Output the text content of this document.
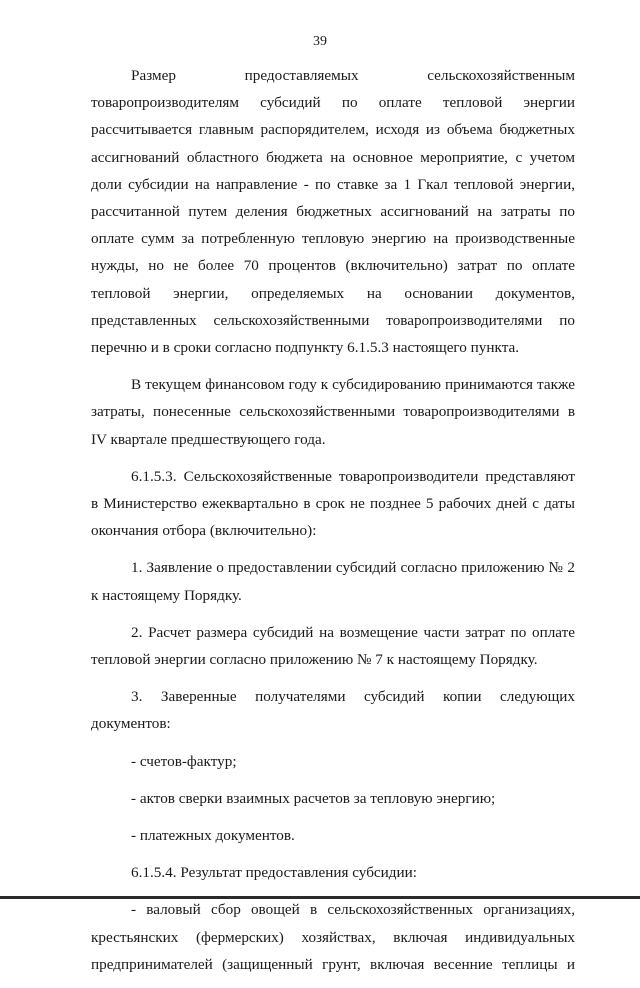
39

Размер предоставляемых сельскохозяйственным товаропроизводителям субсидий по оплате тепловой энергии рассчитывается главным распорядителем, исходя из объема бюджетных ассигнований областного бюджета на основное мероприятие, с учетом доли субсидии на направление - по ставке за 1 Гкал тепловой энергии, рассчитанной путем деления бюджетных ассигнований на затраты по оплате сумм за потребленную тепловую энергию на производственные нужды, но не более 70 процентов (включительно) затрат по оплате тепловой энергии, определяемых на основании документов, представленных сельскохозяйственными товаропроизводителями по перечню и в сроки согласно подпункту 6.1.5.3 настоящего пункта.

В текущем финансовом году к субсидированию принимаются также затраты, понесенные сельскохозяйственными товаропроизводителями в IV квартале предшествующего года.

6.1.5.3. Сельскохозяйственные товаропроизводители представляют в Министерство ежеквартально в срок не позднее 5 рабочих дней с даты окончания отбора (включительно):

1. Заявление о предоставлении субсидий согласно приложению № 2 к настоящему Порядку.

2. Расчет размера субсидий на возмещение части затрат по оплате тепловой энергии согласно приложению № 7 к настоящему Порядку.

3. Заверенные получателями субсидий копии следующих документов:

- счетов-фактур;

- актов сверки взаимных расчетов за тепловую энергию;

- платежных документов.

6.1.5.4. Результат предоставления субсидии:

- валовый сбор овощей в сельскохозяйственных организациях, крестьянских (фермерских) хозяйствах, включая индивидуальных предпринимателей (защищенный грунт, включая весенние теплицы и
